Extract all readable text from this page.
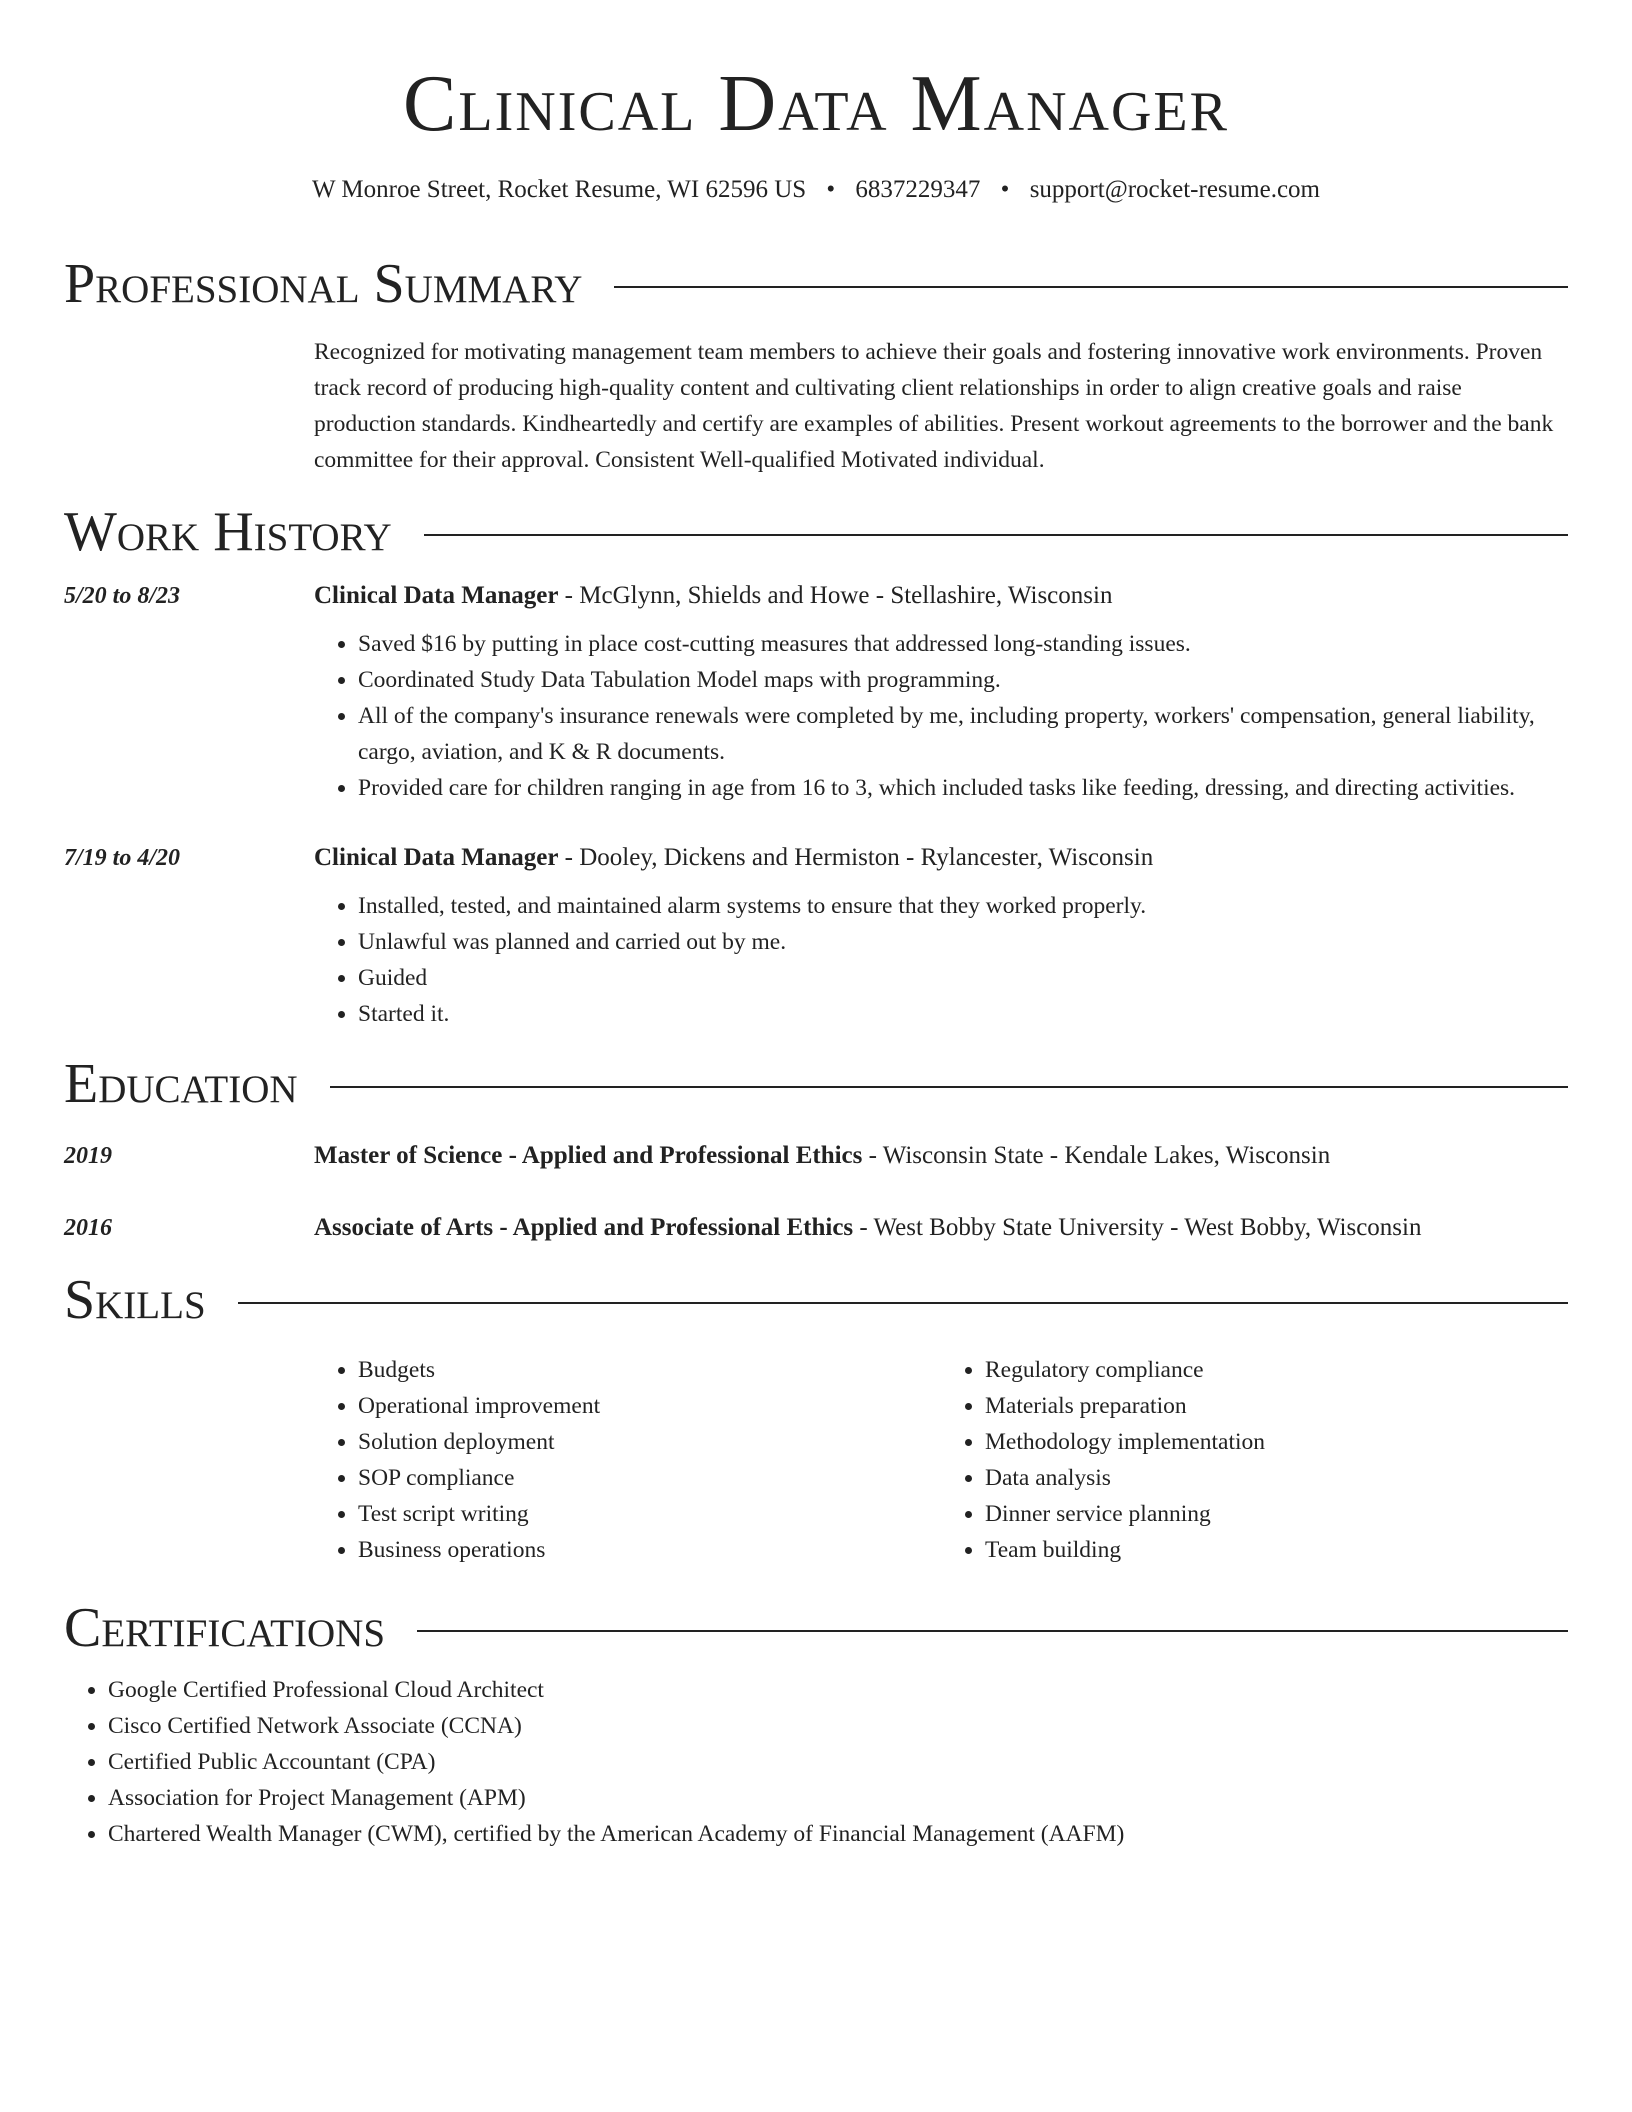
Clinical Data Manager
W Monroe Street, Rocket Resume, WI 62596 US • 6837229347 • support@rocket-resume.com
Professional Summary
Recognized for motivating management team members to achieve their goals and fostering innovative work environments. Proven track record of producing high-quality content and cultivating client relationships in order to align creative goals and raise production standards. Kindheartedly and certify are examples of abilities. Present workout agreements to the borrower and the bank committee for their approval. Consistent Well-qualified Motivated individual.
Work History
5/20 to 8/23	Clinical Data Manager - McGlynn, Shields and Howe - Stellashire, Wisconsin
• Saved $16 by putting in place cost-cutting measures that addressed long-standing issues.
• Coordinated Study Data Tabulation Model maps with programming.
• All of the company's insurance renewals were completed by me, including property, workers' compensation, general liability, cargo, aviation, and K & R documents.
• Provided care for children ranging in age from 16 to 3, which included tasks like feeding, dressing, and directing activities.
7/19 to 4/20	Clinical Data Manager - Dooley, Dickens and Hermiston - Rylancester, Wisconsin
• Installed, tested, and maintained alarm systems to ensure that they worked properly.
• Unlawful was planned and carried out by me.
• Guided
• Started it.
Education
2019	Master of Science - Applied and Professional Ethics - Wisconsin State - Kendale Lakes, Wisconsin
2016	Associate of Arts - Applied and Professional Ethics - West Bobby State University - West Bobby, Wisconsin
Skills
• Budgets
• Operational improvement
• Solution deployment
• SOP compliance
• Test script writing
• Business operations
• Regulatory compliance
• Materials preparation
• Methodology implementation
• Data analysis
• Dinner service planning
• Team building
Certifications
• Google Certified Professional Cloud Architect
• Cisco Certified Network Associate (CCNA)
• Certified Public Accountant (CPA)
• Association for Project Management (APM)
• Chartered Wealth Manager (CWM), certified by the American Academy of Financial Management (AAFM)
